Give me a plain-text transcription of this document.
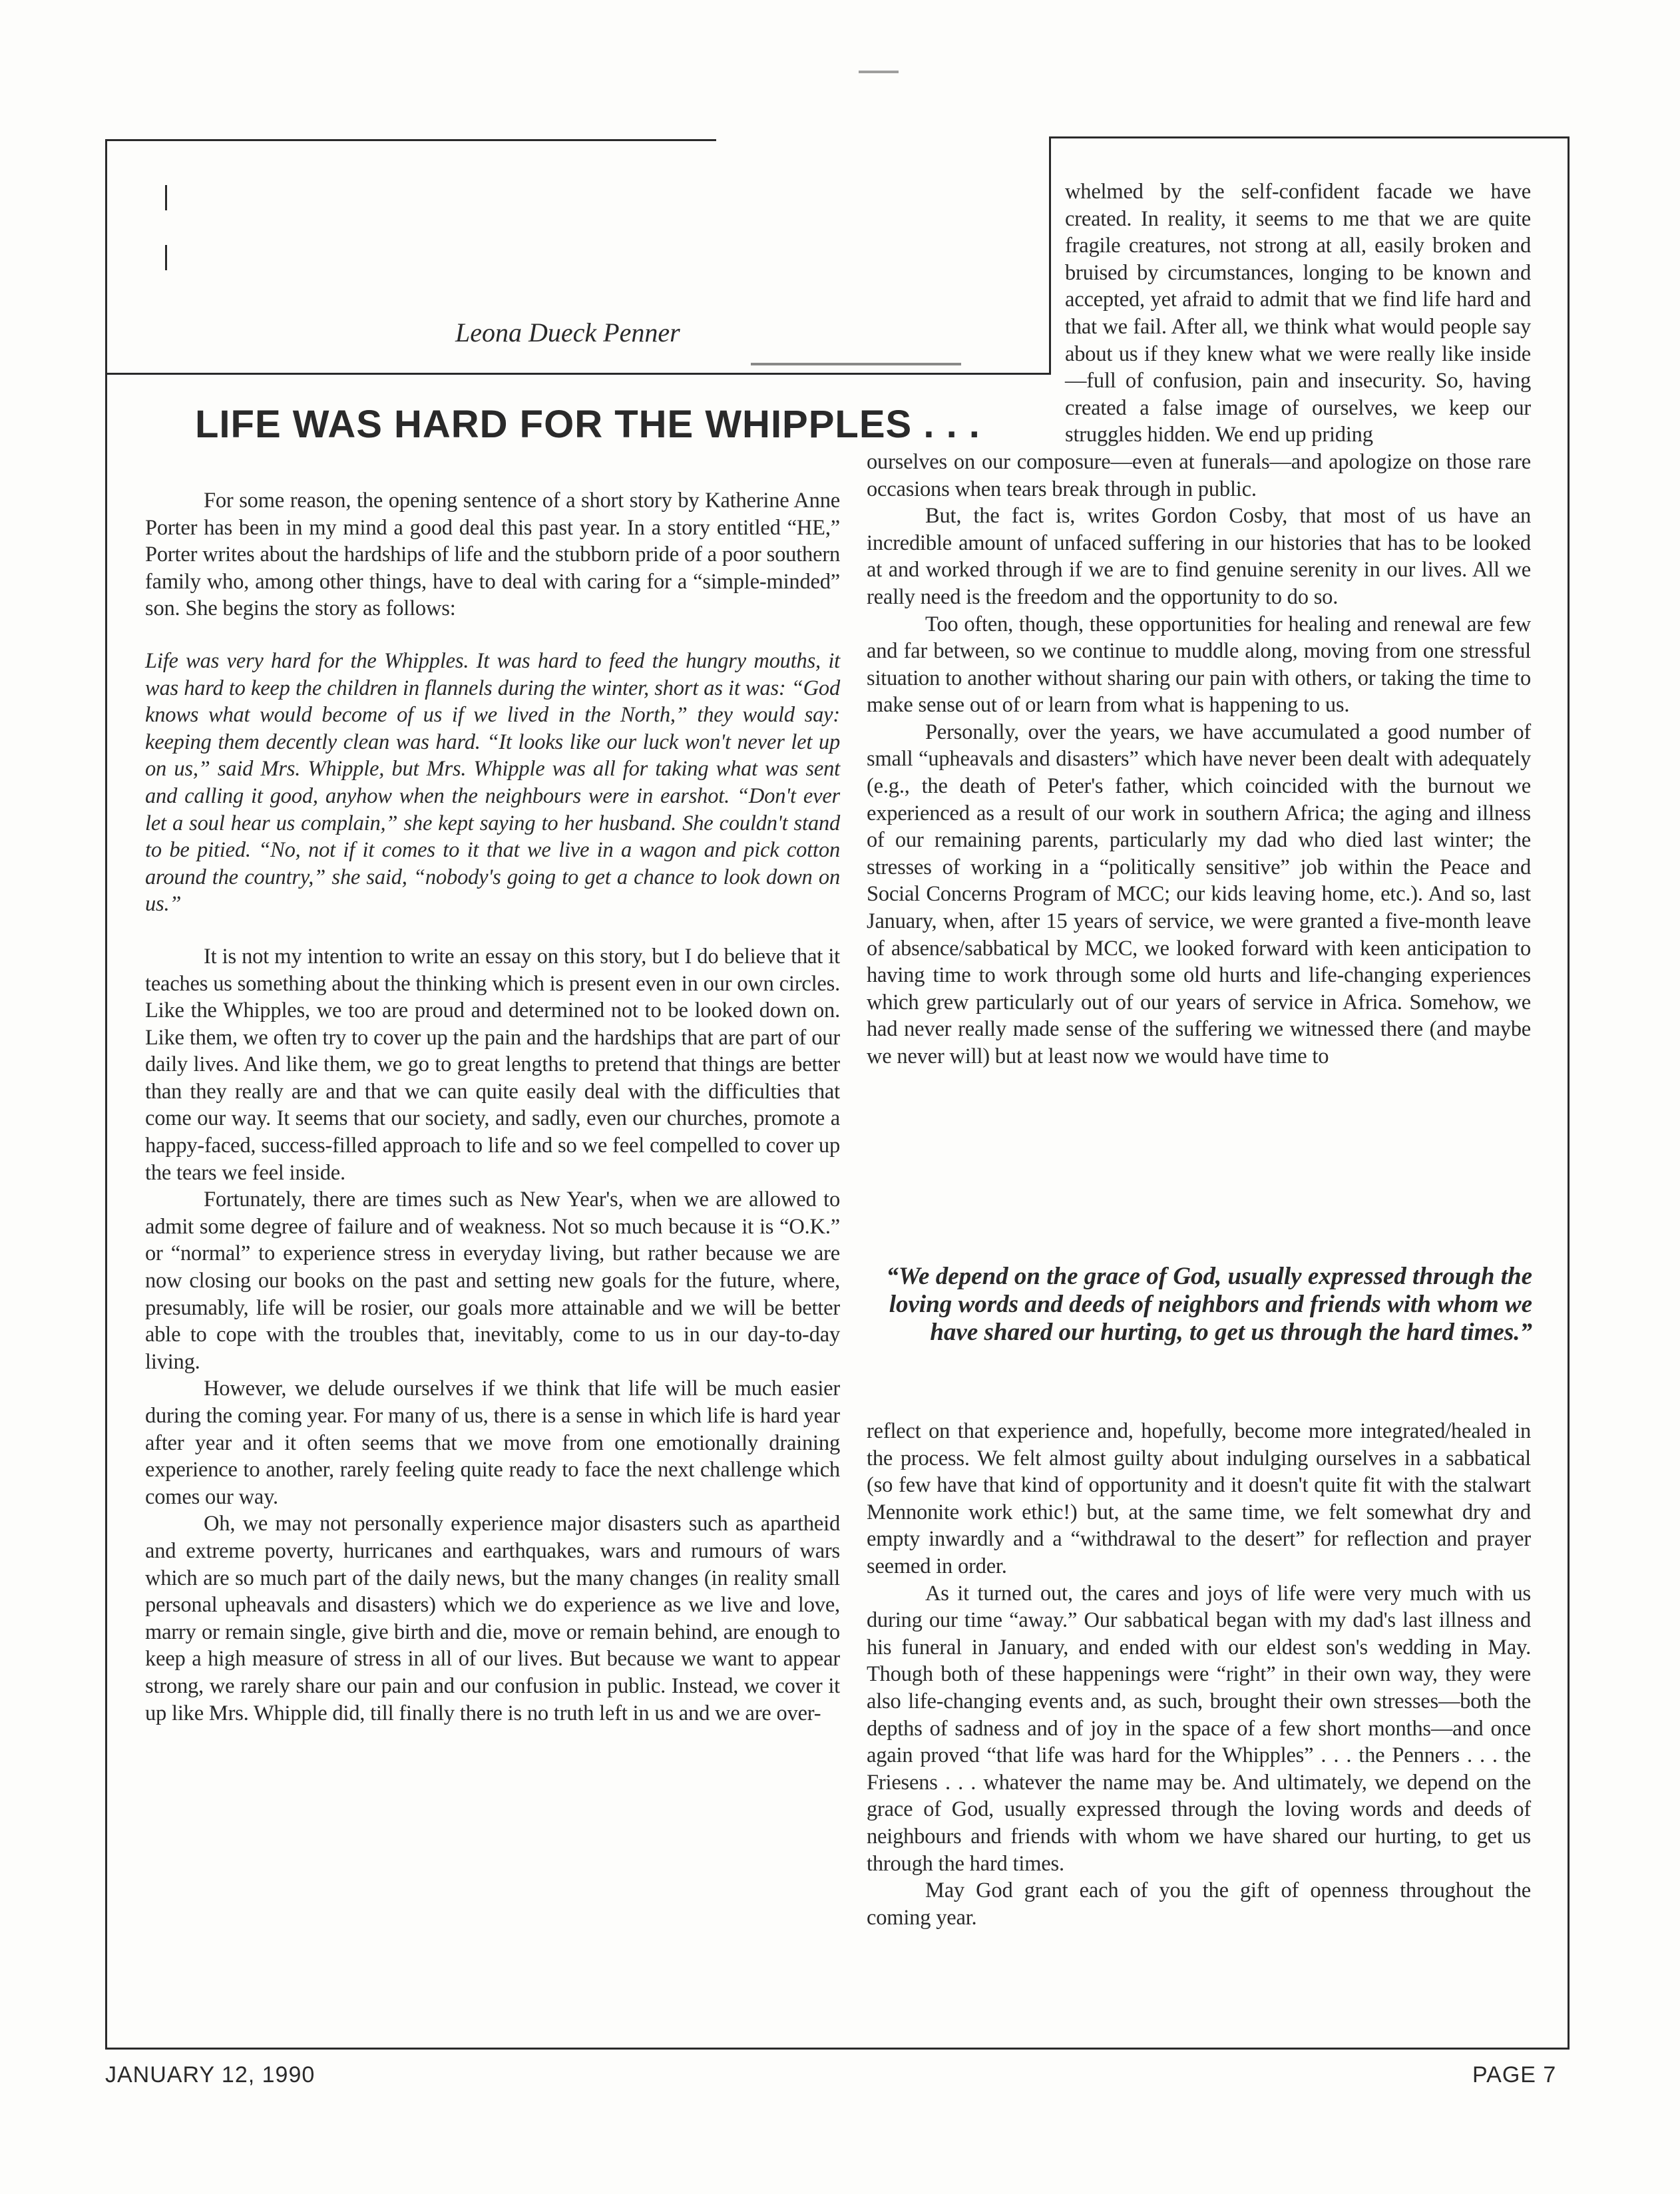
Leona Dueck Penner
LIFE WAS HARD FOR THE WHIPPLES . . .

For some reason, the opening sentence of a short story by Katherine Anne Porter has been in my mind a good deal this past year. In a story entitled “HE,” Porter writes about the hardships of life and the stubborn pride of a poor southern family who, among other things, have to deal with caring for a “simple-minded” son. She begins the story as follows:

Life was very hard for the Whipples. It was hard to feed the hungry mouths, it was hard to keep the children in flannels during the winter, short as it was: “God knows what would become of us if we lived in the North,” they would say: keeping them decently clean was hard. “It looks like our luck won't never let up on us,” said Mrs. Whipple, but Mrs. Whipple was all for taking what was sent and calling it good, anyhow when the neighbours were in earshot. “Don't ever let a soul hear us complain,” she kept saying to her husband. She couldn't stand to be pitied. “No, not if it comes to it that we live in a wagon and pick cotton around the country,” she said, “nobody's going to get a chance to look down on us.”

It is not my intention to write an essay on this story, but I do believe that it teaches us something about the thinking which is present even in our own circles. Like the Whipples, we too are proud and determined not to be looked down on. Like them, we often try to cover up the pain and the hardships that are part of our daily lives. And like them, we go to great lengths to pretend that things are better than they really are and that we can quite easily deal with the difficulties that come our way. It seems that our society, and sadly, even our churches, promote a happy-faced, success-filled approach to life and so we feel compelled to cover up the tears we feel inside.

Fortunately, there are times such as New Year's, when we are allowed to admit some degree of failure and of weakness. Not so much because it is “O.K.” or “normal” to experience stress in everyday living, but rather because we are now closing our books on the past and setting new goals for the future, where, presumably, life will be rosier, our goals more attainable and we will be better able to cope with the troubles that, inevitably, come to us in our day-to-day living.

However, we delude ourselves if we think that life will be much easier during the coming year. For many of us, there is a sense in which life is hard year after year and it often seems that we move from one emotionally draining experience to another, rarely feeling quite ready to face the next challenge which comes our way.

Oh, we may not personally experience major disasters such as apartheid and extreme poverty, hurricanes and earthquakes, wars and rumours of wars which are so much part of the daily news, but the many changes (in reality small personal upheavals and disasters) which we do experience as we live and love, marry or remain single, give birth and die, move or remain behind, are enough to keep a high measure of stress in all of our lives. But because we want to appear strong, we rarely share our pain and our confusion in public. Instead, we cover it up like Mrs. Whipple did, till finally there is no truth left in us and we are over-

whelmed by the self-confident facade we have created. In reality, it seems to me that we are quite fragile creatures, not strong at all, easily broken and bruised by circumstances, longing to be known and accepted, yet afraid to admit that we find life hard and that we fail. After all, we think what would people say about us if they knew what we were really like inside—full of confusion, pain and insecurity. So, having created a false image of ourselves, we keep our struggles hidden. We end up priding

ourselves on our composure—even at funerals—and apologize on those rare occasions when tears break through in public.

But, the fact is, writes Gordon Cosby, that most of us have an incredible amount of unfaced suffering in our histories that has to be looked at and worked through if we are to find genuine serenity in our lives. All we really need is the freedom and the opportunity to do so.

Too often, though, these opportunities for healing and renewal are few and far between, so we continue to muddle along, moving from one stressful situation to another without sharing our pain with others, or taking the time to make sense out of or learn from what is happening to us.

Personally, over the years, we have accumulated a good number of small “upheavals and disasters” which have never been dealt with adequately (e.g., the death of Peter's father, which coincided with the burnout we experienced as a result of our work in southern Africa; the aging and illness of our remaining parents, particularly my dad who died last winter; the stresses of working in a “politically sensitive” job within the Peace and Social Concerns Program of MCC; our kids leaving home, etc.). And so, last January, when, after 15 years of service, we were granted a five-month leave of absence/sabbatical by MCC, we looked forward with keen anticipation to having time to work through some old hurts and life-changing experiences which grew particularly out of our years of service in Africa. Somehow, we had never really made sense of the suffering we witnessed there (and maybe we never will) but at least now we would have time to

“We depend on the grace of God, usually expressed through the loving words and deeds of neighbors and friends with whom we have shared our hurting, to get us through the hard times.”

reflect on that experience and, hopefully, become more integrated/healed in the process. We felt almost guilty about indulging ourselves in a sabbatical (so few have that kind of opportunity and it doesn't quite fit with the stalwart Mennonite work ethic!) but, at the same time, we felt somewhat dry and empty inwardly and a “withdrawal to the desert” for reflection and prayer seemed in order.

As it turned out, the cares and joys of life were very much with us during our time “away.” Our sabbatical began with my dad's last illness and his funeral in January, and ended with our eldest son's wedding in May. Though both of these happenings were “right” in their own way, they were also life-changing events and, as such, brought their own stresses—both the depths of sadness and of joy in the space of a few short months—and once again proved “that life was hard for the Whipples” . . . the Penners . . . the Friesens . . . whatever the name may be. And ultimately, we depend on the grace of God, usually expressed through the loving words and deeds of neighbours and friends with whom we have shared our hurting, to get us through the hard times.

May God grant each of you the gift of openness throughout the coming year.

JANUARY 12, 1990	PAGE 7
